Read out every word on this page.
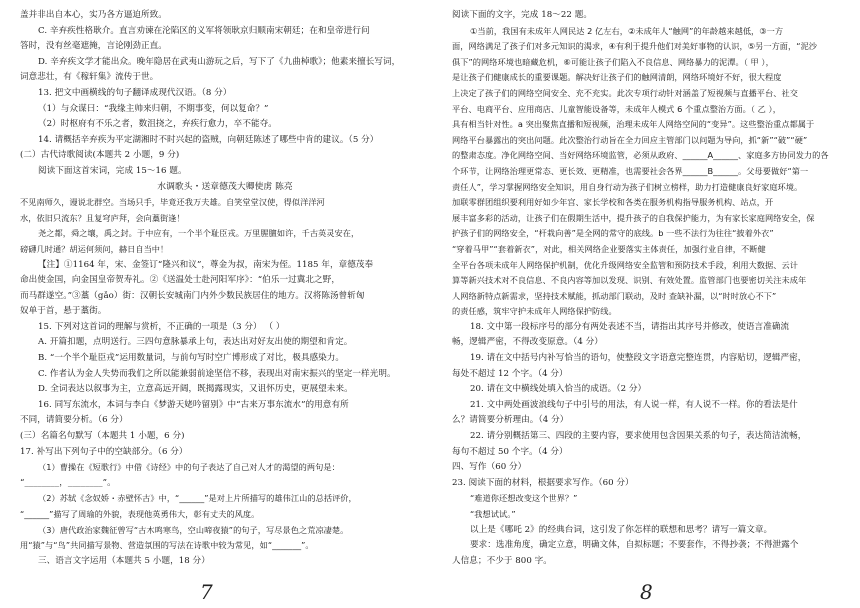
盖并非出自本心，实乃各方逼迫所致。
C. 辛弃疾性格耿介。直言劝谏在沦陷区的义军将领耿京归顺南宋朝廷；在和皇帝进行问
答时，没有丝毫遮掩，言论刚劲正直。
D. 辛弃疾文学才能出众。晚年隐居在武夷山游玩之后，写下了《九曲棹歌》；他素来擅长写词，
词意悲壮，有《稼轩集》流传于世。
13. 把文中画横线的句子翻译成现代汉语。（8 分）
（1）与众谋曰：“我缘主帅来归朝，不期事变，何以复命？”
（2）时枢府有不乐之者，数沮挠之，弃疾行愈力，卒不能夺。
14. 请概括辛弃疾为平定湖湘时不时兴起的盗贼，向朝廷陈述了哪些中肯的建议。（5 分）
(二）古代诗歌阅读(本题共 2 小题，9 分)
阅读下面这首宋词，完成 15～16 题。
水调歌头・送章德茂大卿使虏 陈亮
不见南师久，谩说北群空。当场只手，毕竟还我万夫雄。自笑堂堂汉使，得似洋洋河
水，依旧只流东？且复穹庐拜，会向藁街逢！
尧之都，舜之壤，禹之封。于中应有，一个半个耻臣戎。万里腥膻如许，千古英灵安在，
磅礴几时通？胡运何须问，赫日自当中！
【注】①1164 年，宋、金签订“隆兴和议”，尊金为叔，南宋为侄。1185 年，章德茂奉
命出使金国，向金国皇帝贺寿礼。②《送温处士赴河阳军序》：“伯乐一过冀北之野，
而马群遂空。”③藁（gǎo）街：汉朝长安城南门内外少数民族居住的地方。汉将陈汤曾斩匈
奴单于首，悬于藁街。
15. 下列对这首词的理解与赏析，不正确的一项是（3 分） （ ）
A. 开篇扣题，点明送行。三四句意脉暴承上句，表达出对好友出使的期望和肯定。
B. “一个半个耻臣戎”运用数量词，与前句写时空广博形成了对比，极具感染力。
C. 作者认为金人失势而我们之所以能兼弱前途坚信不移，表现出对南宋振兴的坚定一样光明。
D. 全词表达以叙事为主，立意高远开阔，既揭露现实，又诅怀历史，更展望未来。
16. 同写东流水，本词与李白《梦游天姥吟留别》中“古来万事东流水”的用意有所
不同，请简要分析。（6 分）
(三）名篇名句默写（本题共 1 小题，6 分)
17. 补写出下列句子中的空缺部分。（6 分）
（1）曹操在《短歌行》中借《诗经》中的句子表达了自己对人才的渴望的两句是：
“________，________”。
（2）苏轼《念奴娇・赤壁怀古》中，“______”是对上片所描写的雄伟江山的总括评价，
“______”描写了周瑜的外貌，表现他英勇伟大，彰有丈夫的风度。
（3）唐代政治家魏征曾写“古木鸣寒鸟，空山啼夜猿”的句子，写尽景色之荒凉凄楚。
用“猿”与“鸟”共同描写景物、营造氛围的写法在诗歌中较为常见，如“_______”。
三、语言文字运用（本题共 5 小题，18 分）
7
阅读下面的文字，完成 18～22 题。
①当前，我国有未成年人网民达 2 亿左右，②未成年人“触网”的年龄越来越低，③一方
面，网络满足了孩子们对多元知识的渴求，④有利于提升他们对美好事物的认识，⑤另一方面，“泥沙
俱下”的网络环境也暗藏危机，⑥可能让孩子们陷入不良信息、网络暴力的泥潭。（ 甲 ），
是让孩子们健康成长的重要课题。解决好让孩子们的触网清朗，网络环境好不好，很大程度
上决定了孩子们的网络空间安全、充不充实。此次专项行动针对涵盖了短视频与直播平台、社交
平台、电商平台、应用商店、儿童智能设备等，未成年人模式 6 个重点整治方面。（ 乙 ），
具有相当针对性。a 突出聚焦直播和短视频，治理未成年人网络空间的“变异”。这些整治重点都属于
网络平台暴露出的突出问题。此次整治行动旨在全力回应主管部门以问题为导向，抓“新”“破”“硬”
的整肃态度。净化网络空间、当好网络环境监管，必须从政府、______A______、家庭多方协同发力的各
个环节，让网络治理更常态、更长效、更精准，也需要社会各界______B______。父母要做好“第一
责任人”，学习掌握网络安全知识，用自身行动为孩子们树立榜样，助力打造健康良好家庭环境。
加联零群团组织要利用好如少年宫、家长学校和各类在服务机构指导服务机构、站点，开
展丰富多彩的活动，让孩子们在假期生活中，提升孩子的自我保护能力，为有家长家庭网络安全，保
护孩子们的网络安全，“杆栽向善”是全网的常守的底线。b 一些不法行为往往“披着外衣”
“穿着马甲”“套着新衣”，对此，相关网络企业要落实主体责任，加强行业自律，不断健
全平台各项未成年人网络保护机制，优化升级网络安全监管和预防技术手段，利用大数据、云计
算等新兴技术对不良信息、不良内容等加以发现、识别、有效处置。监管部门也要密切关注未成年
人网络新特点新需求，坚持技术赋能，抓动部门联动，及时 查缺补漏，以“时时放心不下”
的责任感，筑牢守护未成年人网络保护防线。
18. 文中第一段标序号的部分有两处表述不当，请指出其序号并修改，使语言准确流
畅，逻辑严密，不得改变原意。（4 分）
19. 请在文中括号内补写恰当的语句，使整段文字语意完整连贯，内容贴切，逻辑严密，
每处不超过 12 个字。（4 分）
20. 请在文中横线处填入恰当的成语。（2 分）
21. 文中两处画波浪线句子中引号的用法，有人说一样，有人说不一样。你的看法是什
么？请简要分析理由。（4 分）
22. 请分别概括第三、四段的主要内容，要求使用包含因果关系的句子，表达简洁流畅，
每句不超过 50 个字。（4 分）
四、写作（60 分）
23. 阅读下面的材料，根据要求写作。（60 分）
“难道你还想改变这个世界？”
“我想试试。”
以上是《哪吒 2》的经典台词，这引发了你怎样的联想和思考？请写一篇文章。
要求：选准角度，确定立意，明确文体，自拟标题；不要套作，不得抄袭；不得泄露个
人信息；不少于 800 字。
8
